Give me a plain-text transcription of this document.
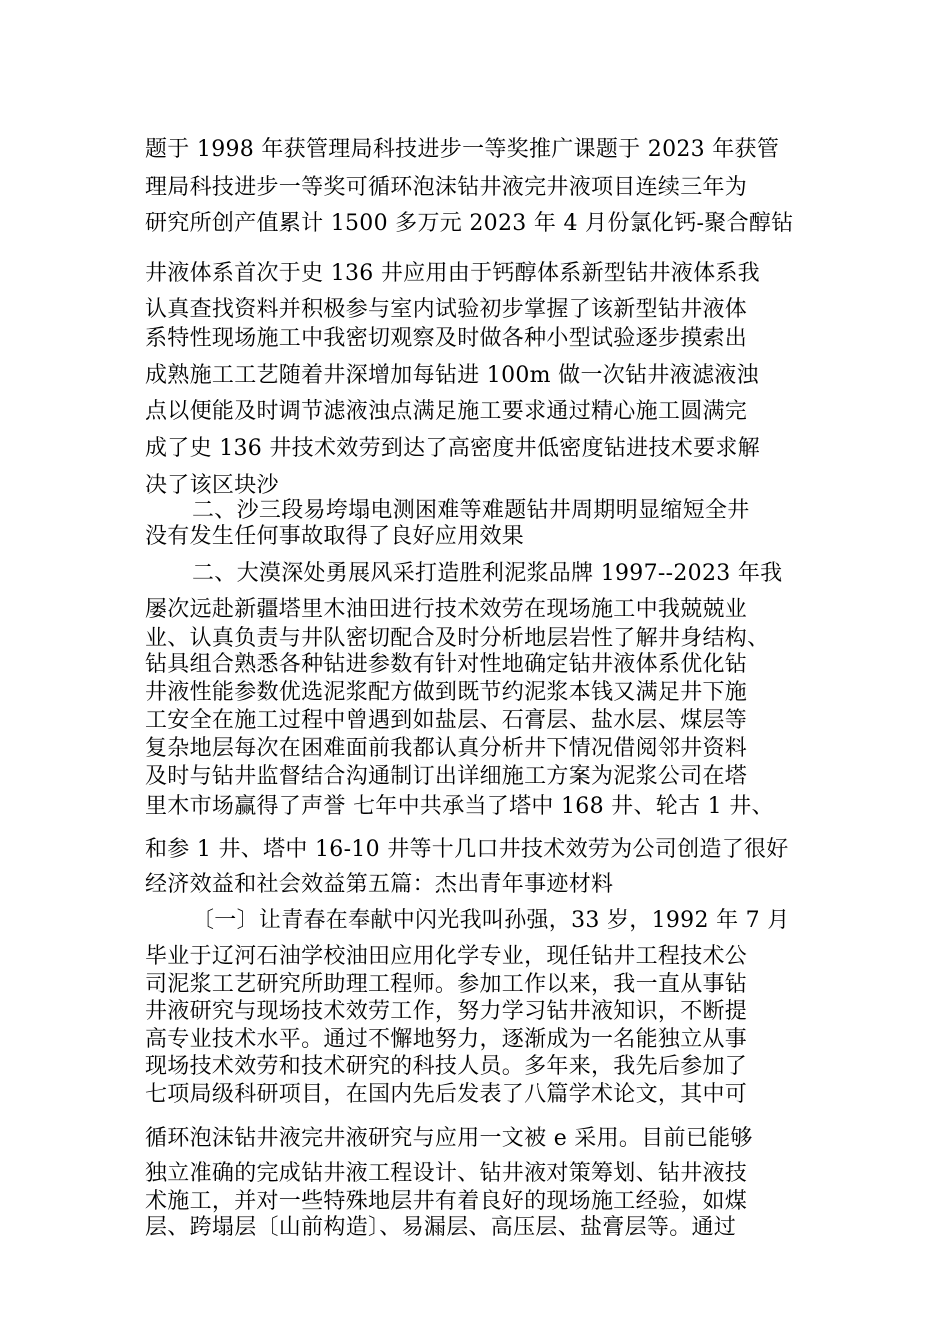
题于 1998 年获管理局科技进步一等奖推广课题于 2023 年获管
理局科技进步一等奖可循环泡沫钻井液完井液项目连续三年为
研究所创产值累计 1500 多万元 2023 年 4 月份氯化钙-聚合醇钻
井液体系首次于史 136 井应用由于钙醇体系新型钻井液体系我
认真查找资料并积极参与室内试验初步掌握了该新型钻井液体
系特性现场施工中我密切观察及时做各种小型试验逐步摸索出
成熟施工工艺随着井深增加每钻进 100m 做一次钻井液滤液浊
点以便能及时调节滤液浊点满足施工要求通过精心施工圆满完
成了史 136 井技术效劳到达了高密度井低密度钻进技术要求解
决了该区块沙
二、沙三段易垮塌电测困难等难题钻井周期明显缩短全井
没有发生任何事故取得了良好应用效果
二、大漠深处勇展风采打造胜利泥浆品牌 1997--2023 年我
屡次远赴新疆塔里木油田进行技术效劳在现场施工中我兢兢业
业、认真负责与井队密切配合及时分析地层岩性了解井身结构、
钻具组合熟悉各种钻进参数有针对性地确定钻井液体系优化钻
井液性能参数优选泥浆配方做到既节约泥浆本钱又满足井下施
工安全在施工过程中曾遇到如盐层、石膏层、盐水层、煤层等
复杂地层每次在困难面前我都认真分析井下情况借阅邻井资料
及时与钻井监督结合沟通制订出详细施工方案为泥浆公司在塔
里木市场赢得了声誉 七年中共承当了塔中 168 井、轮古 1 井、
和参 1 井、塔中 16-10 井等十几口井技术效劳为公司创造了很好
经济效益和社会效益第五篇：杰出青年事迹材料
〔一〕让青春在奉献中闪光我叫孙强，33 岁，1992 年 7 月
毕业于辽河石油学校油田应用化学专业，现任钻井工程技术公
司泥浆工艺研究所助理工程师。参加工作以来，我一直从事钻
井液研究与现场技术效劳工作，努力学习钻井液知识，不断提
高专业技术水平。通过不懈地努力，逐渐成为一名能独立从事
现场技术效劳和技术研究的科技人员。多年来，我先后参加了
七项局级科研项目，在国内先后发表了八篇学术论文，其中可
循环泡沫钻井液完井液研究与应用一文被 e 采用。目前已能够
独立准确的完成钻井液工程设计、钻井液对策筹划、钻井液技
术施工，并对一些特殊地层井有着良好的现场施工经验，如煤
层、跨塌层〔山前构造〕、易漏层、高压层、盐膏层等。通过
